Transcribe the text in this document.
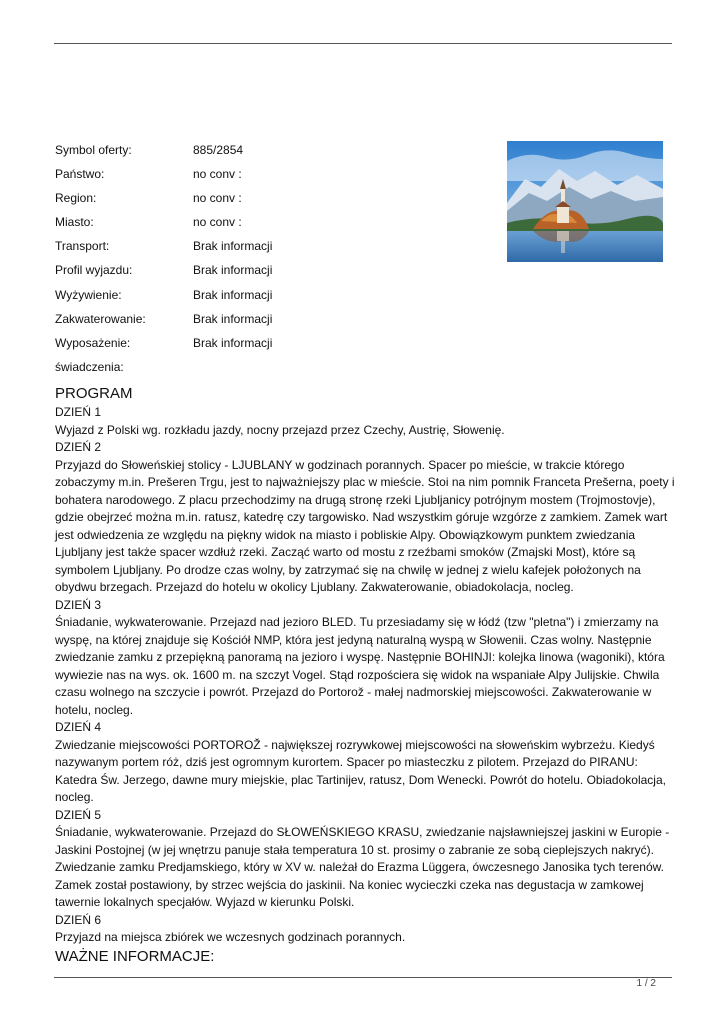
Symbol oferty:	885/2854
Państwo:	no conv :
Region:	no conv :
Miasto:	no conv :
Transport:	Brak informacji
Profil wyjazdu:	Brak informacji
Wyżywienie:	Brak informacji
Zakwaterowanie:	Brak informacji
Wyposażenie:	Brak informacji
świadczenia:
PROGRAM
DZIEŃ 1
Wyjazd z Polski wg. rozkładu jazdy, nocny przejazd przez Czechy, Austrię, Słowenię.
DZIEŃ 2
Przyjazd do Słoweńskiej stolicy - LJUBLANY w godzinach porannych. Spacer po mieście, w trakcie którego zobaczymy m.in. Prešeren Trgu, jest to najważniejszy plac w mieście. Stoi na nim pomnik Franceta Prešerna, poety i bohatera narodowego. Z placu przechodzimy na drugą stronę rzeki Ljubljanicy potrójnym mostem (Trojmostovje), gdzie obejrzeć można m.in. ratusz, katedrę czy targowisko. Nad wszystkim góruje wzgórze z zamkiem. Zamek wart jest odwiedzenia ze względu na piękny widok na miasto i pobliskie Alpy. Obowiązkowym punktem zwiedzania Ljubljany jest także spacer wzdłuż rzeki. Zacząć warto od mostu z rzeźbami smoków (Zmajski Most), które są symbolem Ljubljany. Po drodze czas wolny, by zatrzymać się na chwilę w jednej z wielu kafejek położonych na obydwu brzegach. Przejazd do hotelu w okolicy Ljublany. Zakwaterowanie, obiadokolacja, nocleg.
DZIEŃ 3
Śniadanie, wykwaterowanie. Przejazd nad jezioro BLED. Tu przesiadamy się w łódź (tzw "pletna") i zmierzamy na wyspę, na której znajduje się Kościół NMP, która jest jedyną naturalną wyspą w Słowenii. Czas wolny. Następnie zwiedzanie zamku z przepiękną panoramą na jezioro i wyspę. Następnie BOHINJI: kolejka linowa (wagoniki), która wywiezie nas na wys. ok. 1600 m. na szczyt Vogel. Stąd rozpościera się widok na wspaniałe Alpy Julijskie. Chwila czasu wolnego na szczycie i powrót. Przejazd do Portorož - małej nadmorskiej miejscowości. Zakwaterowanie w hotelu, nocleg.
DZIEŃ 4
Zwiedzanie miejscowości PORTOROŽ - największej rozrywkowej miejscowości na słoweńskim wybrzeżu. Kiedyś nazywanym portem róż, dziś jest ogromnym kurortem. Spacer po miasteczku z pilotem. Przejazd do PIRANU: Katedra Św. Jerzego, dawne mury miejskie, plac Tartinijev, ratusz, Dom Wenecki. Powrót do hotelu. Obiadokolacja, nocleg.
DZIEŃ 5
Śniadanie, wykwaterowanie. Przejazd do SŁOWEŃSKIEGO KRASU, zwiedzanie najsławniejszej jaskini w Europie - Jaskini Postojnej (w jej wnętrzu panuje stała temperatura 10 st. prosimy o zabranie ze sobą cieplejszych nakryć). Zwiedzanie zamku Predjamskiego, który w XV w. należał do Erazma Lüggera, ówczesnego Janosika tych terenów. Zamek został postawiony, by strzec wejścia do jaskinii. Na koniec wycieczki czeka nas degustacja w zamkowej tawernie lokalnych specjałów. Wyjazd w kierunku Polski.
DZIEŃ 6
Przyjazd na miejsca zbiórek we wczesnych godzinach porannych.
WAŻNE INFORMACJE:
1 / 2
